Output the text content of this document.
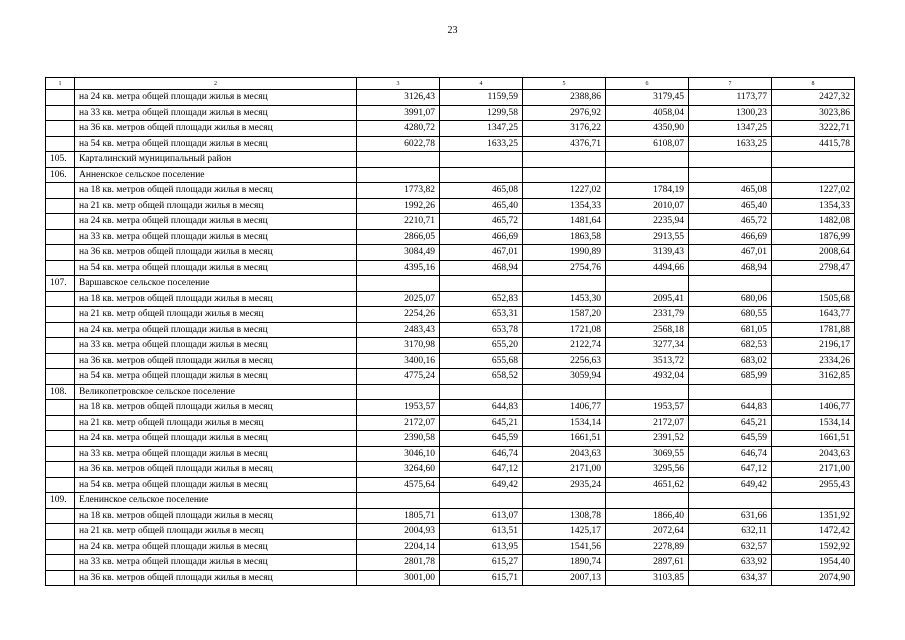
23
1	2	3	4	5	6	7	8
	на 24 кв. метра общей площади жилья в месяц	3126,43	1159,59	2388,86	3179,45	1173,77	2427,32
	на 33 кв. метра общей площади жилья в месяц	3991,07	1299,58	2976,92	4058,04	1300,23	3023,86
	на 36 кв. метров общей площади жилья в месяц	4280,72	1347,25	3176,22	4350,90	1347,25	3222,71
	на 54 кв. метра общей площади жилья в месяц	6022,78	1633,25	4376,71	6108,07	1633,25	4415,78
105.	Карталинский муниципальный район						
106.	Анненское сельское поселение						
	на 18 кв. метров общей площади жилья в месяц	1773,82	465,08	1227,02	1784,19	465,08	1227,02
	на 21 кв. метр общей площади жилья в месяц	1992,26	465,40	1354,33	2010,07	465,40	1354,33
	на 24 кв. метра общей площади жилья в месяц	2210,71	465,72	1481,64	2235,94	465,72	1482,08
	на 33 кв. метра общей площади жилья в месяц	2866,05	466,69	1863,58	2913,55	466,69	1876,99
	на 36 кв. метров общей площади жилья в месяц	3084,49	467,01	1990,89	3139,43	467,01	2008,64
	на 54 кв. метра общей площади жилья в месяц	4395,16	468,94	2754,76	4494,66	468,94	2798,47
107.	Варшавское сельское поселение						
	на 18 кв. метров общей площади жилья в месяц	2025,07	652,83	1453,30	2095,41	680,06	1505,68
	на 21 кв. метр общей площади жилья в месяц	2254,26	653,31	1587,20	2331,79	680,55	1643,77
	на 24 кв. метра общей площади жилья в месяц	2483,43	653,78	1721,08	2568,18	681,05	1781,88
	на 33 кв. метра общей площади жилья в месяц	3170,98	655,20	2122,74	3277,34	682,53	2196,17
	на 36 кв. метров общей площади жилья в месяц	3400,16	655,68	2256,63	3513,72	683,02	2334,26
	на 54 кв. метра общей площади жилья в месяц	4775,24	658,52	3059,94	4932,04	685,99	3162,85
108.	Великопетровское сельское поселение						
	на 18 кв. метров общей площади жилья в месяц	1953,57	644,83	1406,77	1953,57	644,83	1406,77
	на 21 кв. метр общей площади жилья в месяц	2172,07	645,21	1534,14	2172,07	645,21	1534,14
	на 24 кв. метра общей площади жилья в месяц	2390,58	645,59	1661,51	2391,52	645,59	1661,51
	на 33 кв. метра общей площади жилья в месяц	3046,10	646,74	2043,63	3069,55	646,74	2043,63
	на 36 кв. метров общей площади жилья в месяц	3264,60	647,12	2171,00	3295,56	647,12	2171,00
	на 54 кв. метра общей площади жилья в месяц	4575,64	649,42	2935,24	4651,62	649,42	2955,43
109.	Еленинское сельское поселение						
	на 18 кв. метров общей площади жилья в месяц	1805,71	613,07	1308,78	1866,40	631,66	1351,92
	на 21 кв. метр общей площади жилья в месяц	2004,93	613,51	1425,17	2072,64	632,11	1472,42
	на 24 кв. метра общей площади жилья в месяц	2204,14	613,95	1541,56	2278,89	632,57	1592,92
	на 33 кв. метра общей площади жилья в месяц	2801,78	615,27	1890,74	2897,61	633,92	1954,40
	на 36 кв. метров общей площади жилья в месяц	3001,00	615,71	2007,13	3103,85	634,37	2074,90
